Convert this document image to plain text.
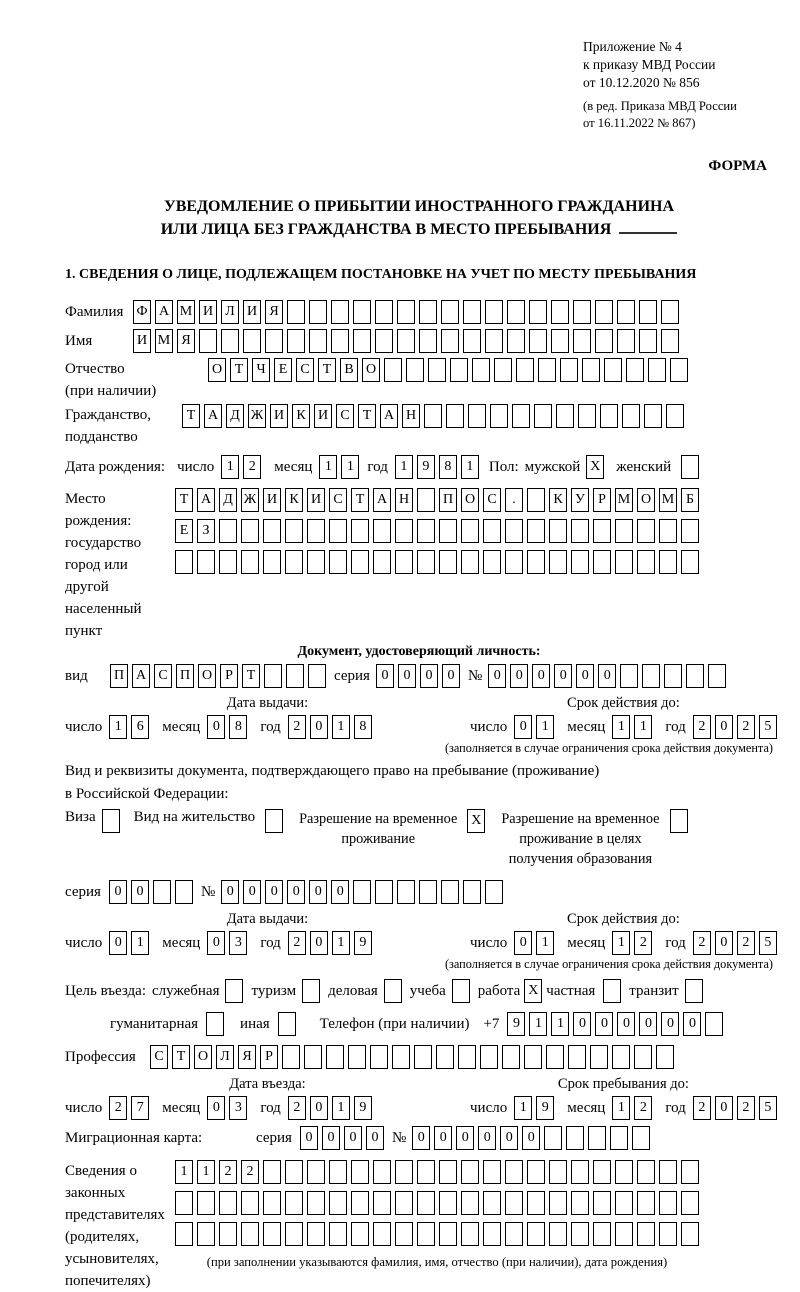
Приложение № 4
к приказу МВД России
от 10.12.2020 № 856
(в ред. Приказа МВД России
от 16.11.2022 № 867)
ФОРМА
УВЕДОМЛЕНИЕ О ПРИБЫТИИ ИНОСТРАННОГО ГРАЖДАНИНА
ИЛИ ЛИЦА БЕЗ ГРАЖДАНСТВА В МЕСТО ПРЕБЫВАНИЯ
1. СВЕДЕНИЯ О ЛИЦЕ, ПОДЛЕЖАЩЕМ ПОСТАНОВКЕ НА УЧЕТ ПО МЕСТУ ПРЕБЫВАНИЯ
Фамилия Ф А М И Л И Я
Имя	И М Я
Отчество
(при наличии)
О Т Ч Е С Т В О
Гражданство,
подданство
Т А Д Ж И К И С Т А Н
Дата рождения: число 1	2	месяц 1	1 год 1	9	8	1	Пол: мужской X женский
Место рождения:
государство
город или другой
населенный пункт
Т А Д Ж И К И С Т А Н П О С	.	К У Р М О М Б
Е	З
Документ, удостоверяющий личность:
вид	П А С П О Р Т	серия 0	0	0	0 № 0	0	0	0	0	0
Дата выдачи:
число 1	6	месяц 0	8	год 2	0	1	8
Срок действия до:
число 0	1	месяц 1	1	год 2	0	2	5
(заполняется в случае ограничения срока действия документа)
Вид и реквизиты документа, подтверждающего право на пребывание (проживание)
в Российской Федерации:
Виза	Вид на жительство	Разрешение на временное
проживание
X Разрешение на временное
проживание в целях
получения образования
серия 0	0	№ 0	0	0	0	0	0
Дата выдачи:
число 0	1	месяц 0	3	год 2	0	1	9
Срок действия до:
число 0	1	месяц 1	2	год 2	0	2	5
(заполняется в случае ограничения срока действия документа)
Цель въезда: служебная туризм деловая учеба работа X частная транзит
гуманитарная	иная	Телефон (при наличии) +7 9	1	1	0	0	0	0	0	0
Профессия	С Т О Л Я Р
Дата въезда:
число 2	7	месяц 0	3	год 2	0	1	9
Срок пребывания до:
число 1	9	месяц 1	2	год 2	0	2	5
Миграционная карта:	серия 0	0	0	0 № 0	0	0	0	0	0
Сведения о
законных
представителях
(родителях,
усыновителях,
попечителях)
1	1	2	2
(при заполнении указываются фамилия, имя, отчество (при наличии), дата рождения)
